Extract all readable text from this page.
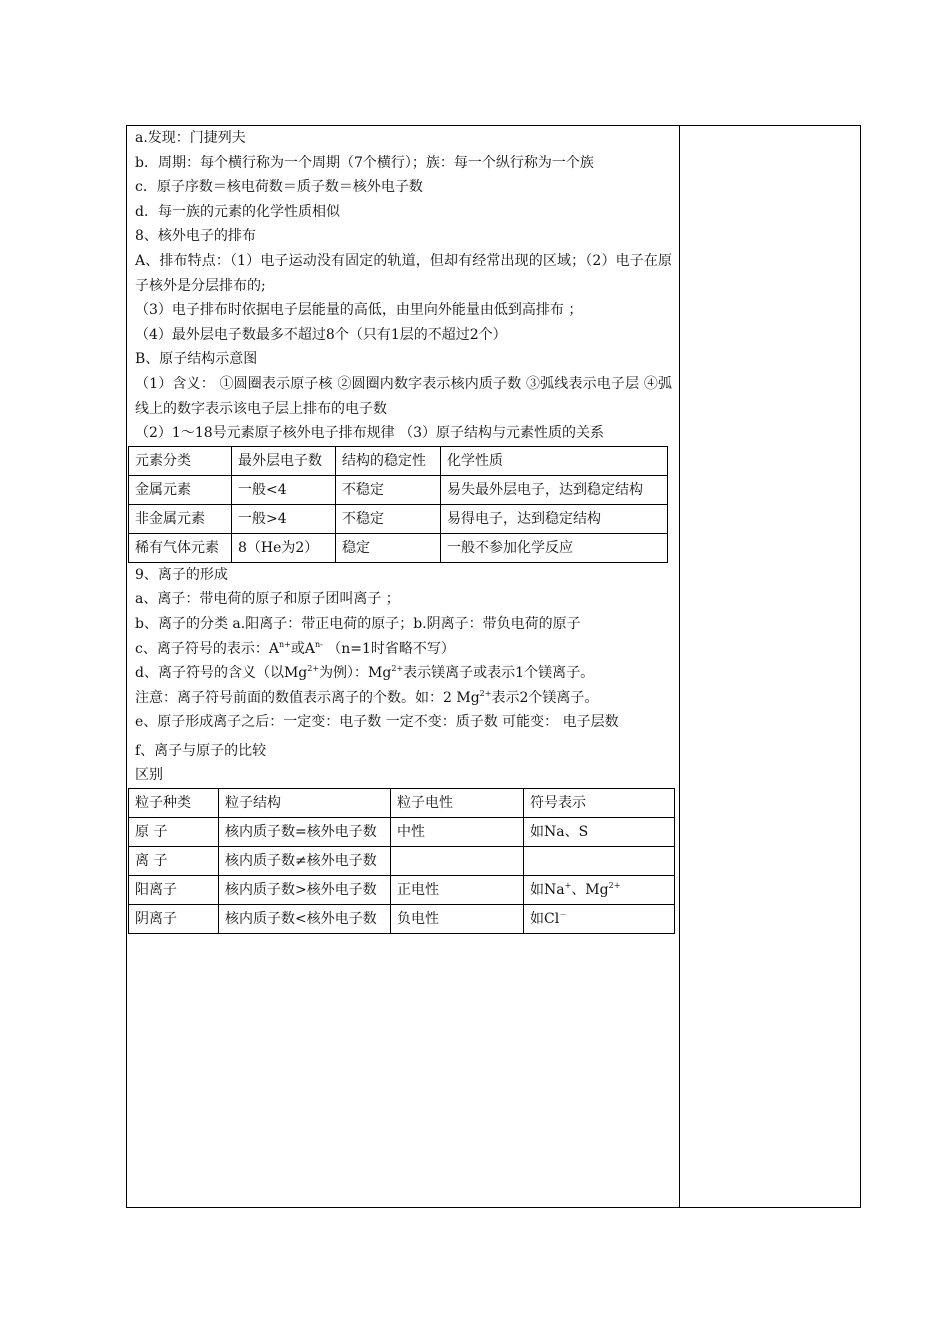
a.发现：门捷列夫

b．周期：每个横行称为一个周期（7个横行）；族：每一个纵行称为一个族

c．原子序数＝核电荷数＝质子数＝核外电子数

d．每一族的元素的化学性质相似

8、核外电子的排布

A、排布特点：（1）电子运动没有固定的轨道，但却有经常出现的区域；（2）电子在原子核外是分层排布的;

（3）电子排布时依据电子层能量的高低，由里向外能量由低到高排布 ；

（4）最外层电子数最多不超过8个（只有1层的不超过2个）

B、原子结构示意图

（1）含义： ①圆圈表示原子核 ②圆圈内数字表示核内质子数 ③弧线表示电子层 ④弧线上的数字表示该电子层上排布的电子数

（2）1～18号元素原子核外电子排布规律 （3）原子结构与元素性质的关系

元素分类	最外层电子数	结构的稳定性	化学性质
金属元素	一般<4	不稳定	易失最外层电子，达到稳定结构
非金属元素	一般>4	不稳定	易得电子，达到稳定结构
稀有气体元素	8（He为2）	稳定	一般不参加化学反应

9、离子的形成

a、离子：带电荷的原子和原子团叫离子 ；

b、离子的分类 a.阳离子：带正电荷的原子；b.阴离子：带负电荷的原子

c、离子符号的表示：$A^{n+}$或$A^{n-}$ （n=1时省略不写）

d、离子符号的含义（以$Mg^{2+}$为例）：$Mg^{2+}$表示镁离子或表示1个镁离子。

注意：离子符号前面的数值表示离子的个数。如：2 $Mg^{2+}$表示2个镁离子。

e、原子形成离子之后：一定变：电子数 一定不变：质子数 可能变： 电子层数

f、离子与原子的比较

区别

粒子种类	粒子结构	粒子电性	符号表示
原 子	核内质子数=核外电子数	中性	如Na、S
离 子	核内质子数≠核外电子数		
阳离子	核内质子数>核外电子数	正电性	如Na+、$Mg^{2+}$
阴离子	核内质子数<核外电子数	负电性	如Cl－
